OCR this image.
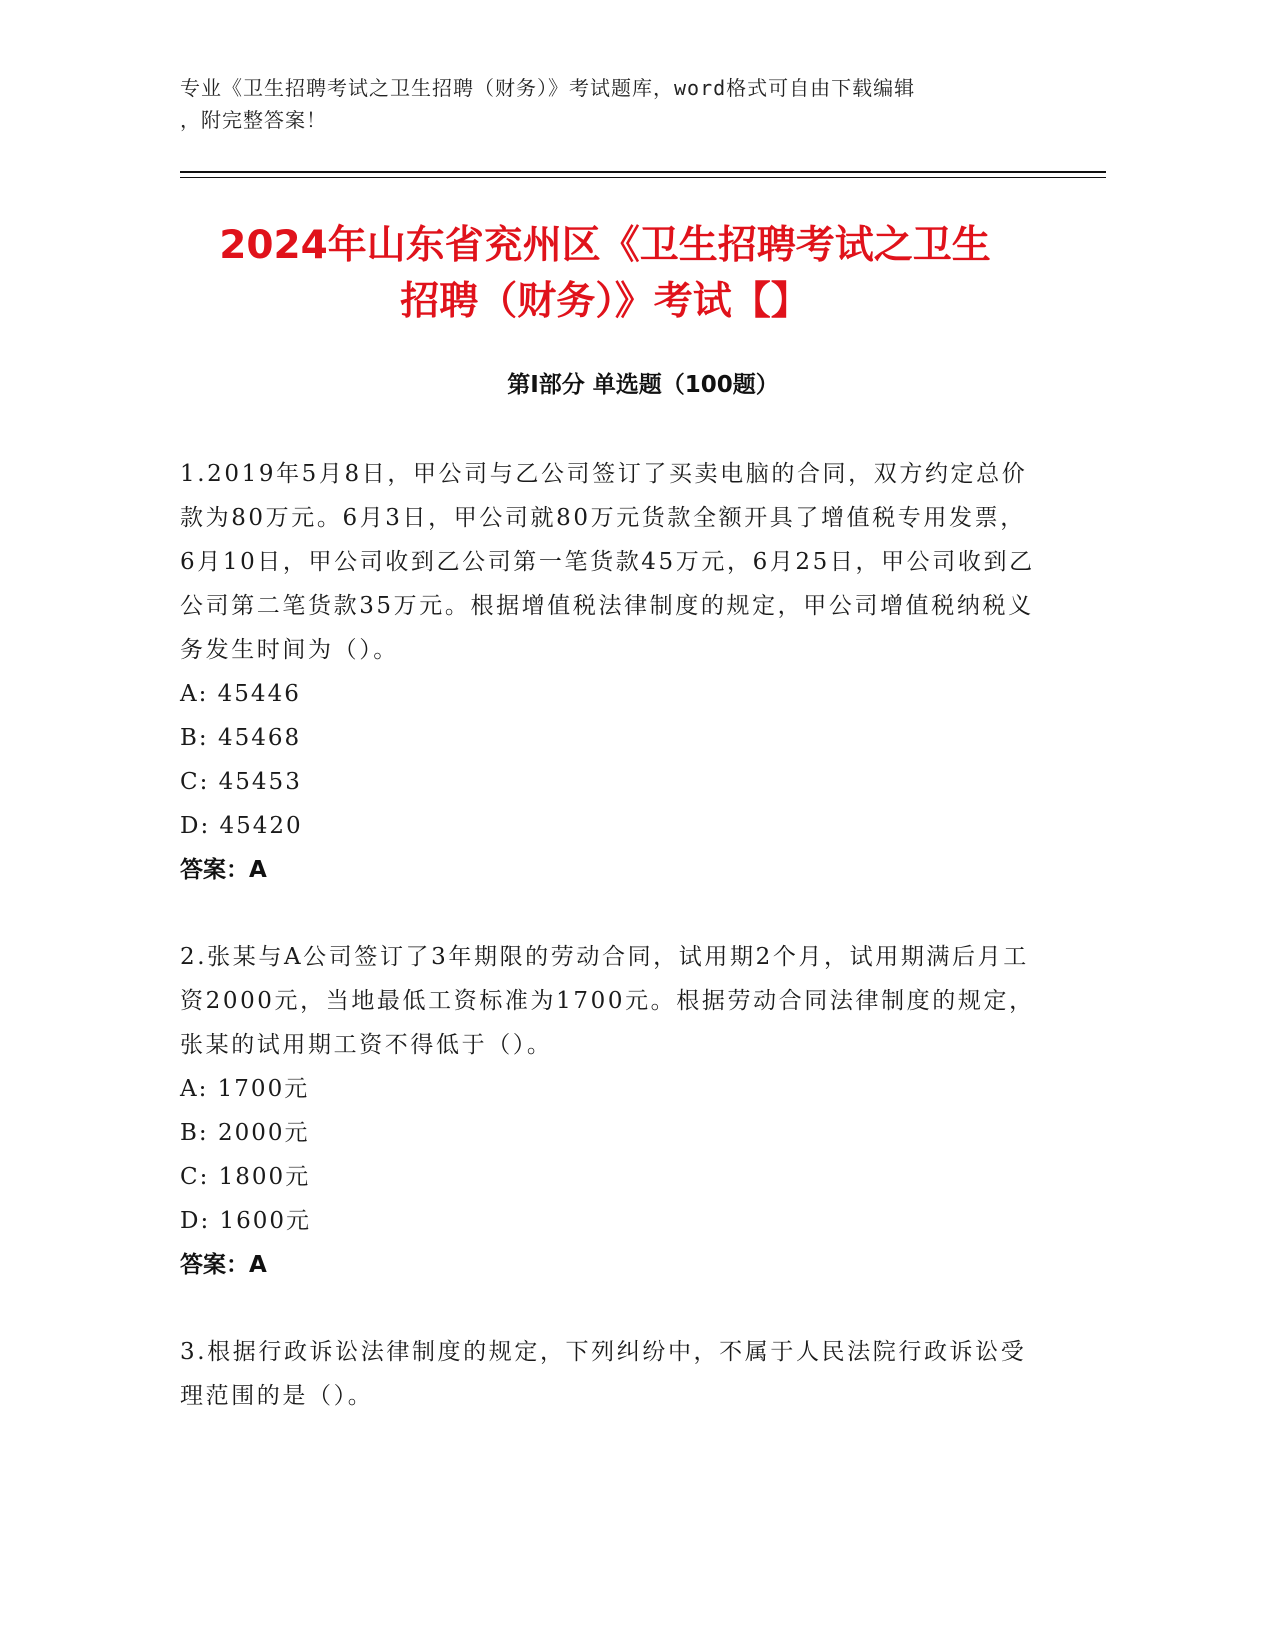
专业《卫生招聘考试之卫生招聘（财务）》考试题库，word格式可自由下载编辑
，附完整答案！
2024年山东省兖州区《卫生招聘考试之卫生
招聘（财务）》考试【】
第Ⅰ部分 单选题（100题）

1.2019年5月8日，甲公司与乙公司签订了买卖电脑的合同，双方约定总价款为80万元。6月3日，甲公司就80万元货款全额开具了增值税专用发票，6月10日，甲公司收到乙公司第一笔货款45万元，6月25日，甲公司收到乙公司第二笔货款35万元。根据增值税法律制度的规定，甲公司增值税纳税义务发生时间为（）。

A: 45446

B: 45468

C: 45453

D: 45420

答案：A

2.张某与A公司签订了3年期限的劳动合同，试用期2个月，试用期满后月工资2000元，当地最低工资标准为1700元。根据劳动合同法律制度的规定，张某的试用期工资不得低于（）。

A: 1700元

B: 2000元

C: 1800元

D: 1600元

答案：A

3.根据行政诉讼法律制度的规定，下列纠纷中，不属于人民法院行政诉讼受理范围的是（）。
